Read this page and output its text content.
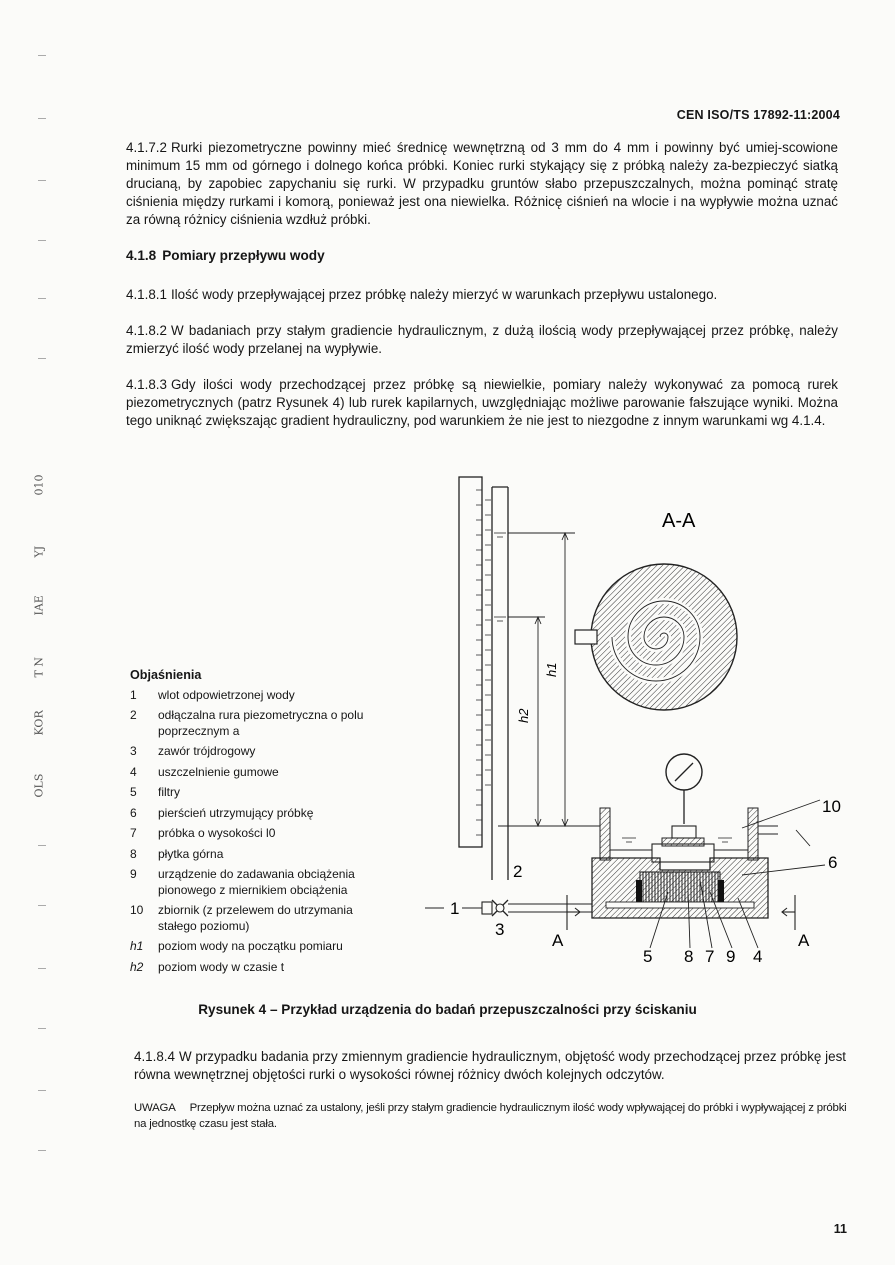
CEN ISO/TS 17892-11:2004
4.1.7.2 Rurki piezometryczne powinny mieć średnicę wewnętrzną od 3 mm do 4 mm i powinny być umiej-scowione minimum 15 mm od górnego i dolnego końca próbki. Koniec rurki stykający się z próbką należy za-bezpieczyć siatką drucianą, by zapobiec zapychaniu się rurki. W przypadku gruntów słabo przepuszczalnych, można pominąć stratę ciśnienia między rurkami i komorą, ponieważ jest ona niewielka. Różnicę ciśnień na wlocie i na wypływie można uznać za równą różnicy ciśnienia wzdłuż próbki.
4.1.8 Pomiary przepływu wody
4.1.8.1 Ilość wody przepływającej przez próbkę należy mierzyć w warunkach przepływu ustalonego.
4.1.8.2 W badaniach przy stałym gradiencie hydraulicznym, z dużą ilością wody przepływającej przez próbkę, należy zmierzyć ilość wody przelanej na wypływie.
4.1.8.3 Gdy ilości wody przechodzącej przez próbkę są niewielkie, pomiary należy wykonywać za pomocą rurek piezometrycznych (patrz Rysunek 4) lub rurek kapilarnych, uwzględniając możliwe parowanie fałszujące wyniki. Można tego uniknąć zwiększając gradient hydrauliczny, pod warunkiem że nie jest to niezgodne z innym warunkami wg 4.1.4.
Objaśnienia
1	wlot odpowietrzonej wody
2	odłączalna rura piezometryczna o polu poprzecznym a
3	zawór trójdrogowy
4	uszczelnienie gumowe
5	filtry
6	pierścień utrzymujący próbkę
7	próbka o wysokości l0
8	płytka górna
9	urządzenie do zadawania obciążenia pionowego z miernikiem obciążenia
10	zbiornik (z przelewem do utrzymania stałego poziomu)
h1	poziom wody na początku pomiaru
h2	poziom wody w czasie t
h1
h2
A-A
1
2
3
4
5
6
7
8 9
10
A	A
Rysunek 4 – Przykład urządzenia do badań przepuszczalności przy ściskaniu
4.1.8.4 W przypadku badania przy zmiennym gradiencie hydraulicznym, objętość wody przechodzącej przez próbkę jest równa wewnętrznej objętości rurki o wysokości równej różnicy dwóch kolejnych odczytów.
UWAGA Przepływ można uznać za ustalony, jeśli przy stałym gradiencie hydraulicznym ilość wody wpływającej do próbki i wypływającej z próbki na jednostkę czasu jest stała.
11
010
YJ
IAE
T N
KOR
OLS
